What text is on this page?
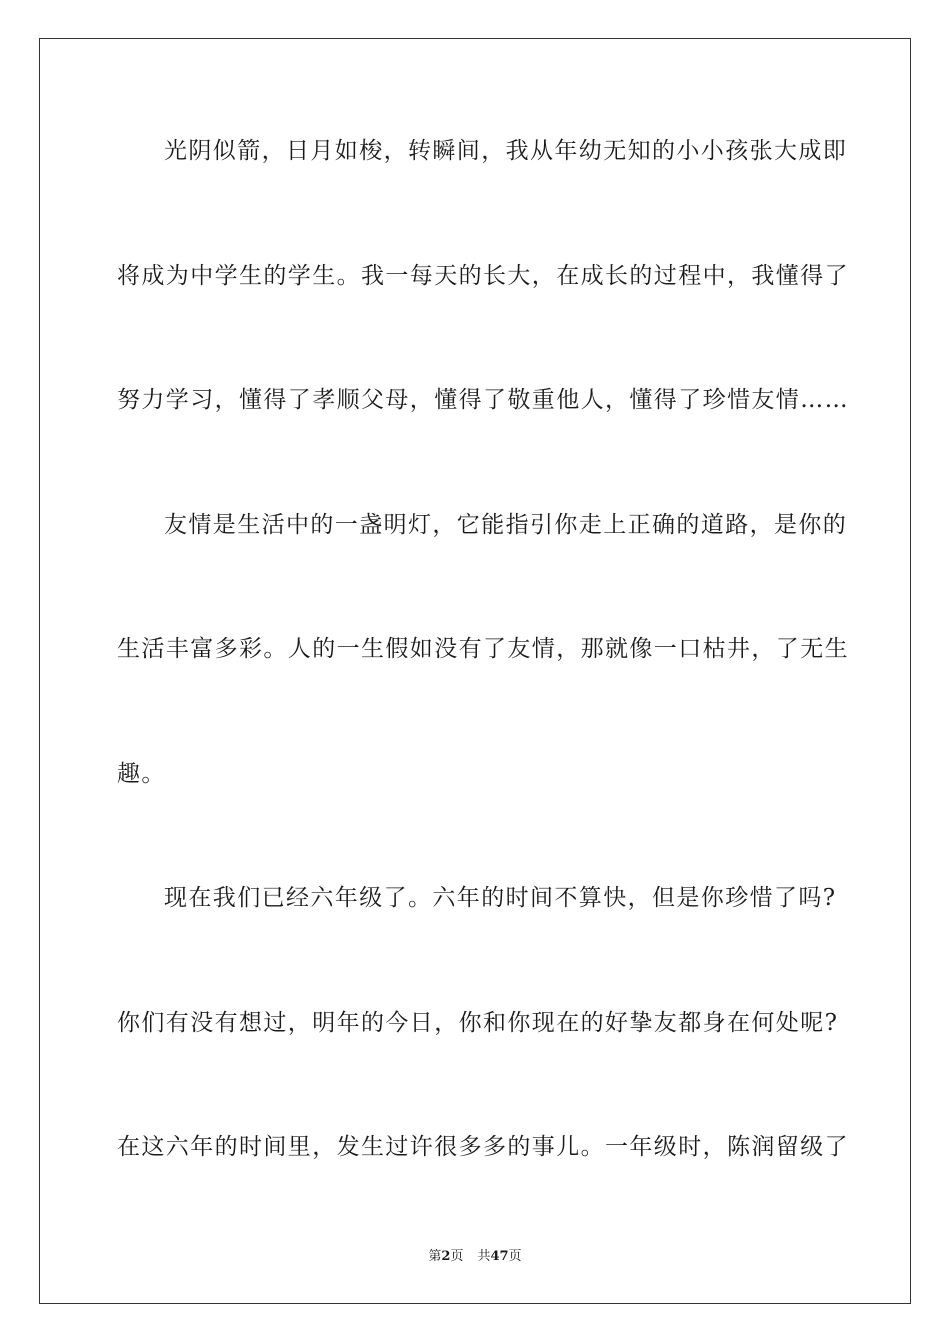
光阴似箭，日月如梭，转瞬间，我从年幼无知的小小孩张大成即
将成为中学生的学生。我一每天的长大，在成长的过程中，我懂得了
努力学习，懂得了孝顺父母，懂得了敬重他人，懂得了珍惜友情……
友情是生活中的一盏明灯，它能指引你走上正确的道路，是你的
生活丰富多彩。人的一生假如没有了友情，那就像一口枯井，了无生
趣。
现在我们已经六年级了。六年的时间不算快，但是你珍惜了吗?
你们有没有想过，明年的今日，你和你现在的好挚友都身在何处呢?
在这六年的时间里，发生过许很多多的事儿。一年级时，陈润留级了
第2页 共47页
